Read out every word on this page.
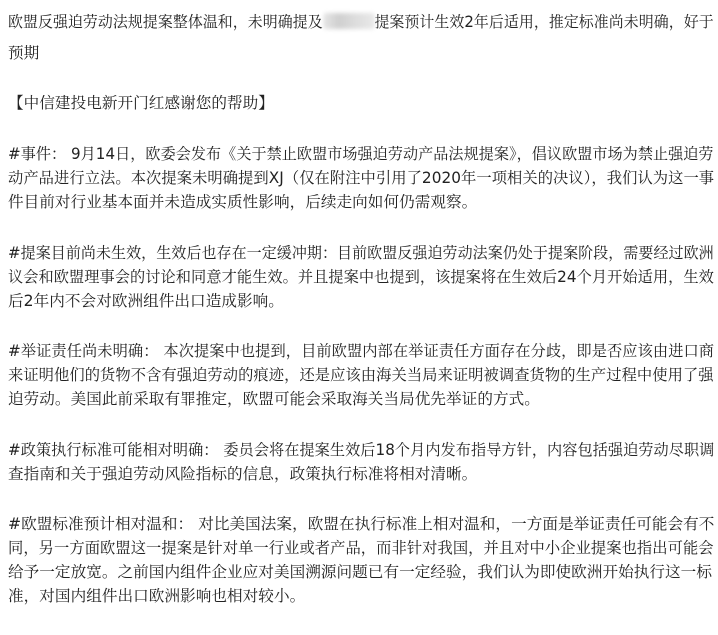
欧盟反强迫劳动法规提案整体温和，未明确提及	提案预计生效2年后适用，推定标准尚未明确，好于
预期
【中信建投电新开门红感谢您的帮助】
#事件： 9月14日，欧委会发布《关于禁止欧盟市场强迫劳动产品法规提案》，倡议欧盟市场为禁止强迫劳
动产品进行立法。本次提案未明确提到XJ（仅在附注中引用了2020年一项相关的决议），我们认为这一事
件目前对行业基本面并未造成实质性影响，后续走向如何仍需观察。
#提案目前尚未生效，生效后也存在一定缓冲期：目前欧盟反强迫劳动法案仍处于提案阶段，需要经过欧洲
议会和欧盟理事会的讨论和同意才能生效。并且提案中也提到，该提案将在生效后24个月开始适用，生效
后2年内不会对欧洲组件出口造成影响。
#举证责任尚未明确： 本次提案中也提到，目前欧盟内部在举证责任方面存在分歧，即是否应该由进口商
来证明他们的货物不含有强迫劳动的痕迹，还是应该由海关当局来证明被调查货物的生产过程中使用了强
迫劳动。美国此前采取有罪推定，欧盟可能会采取海关当局优先举证的方式。
#政策执行标准可能相对明确： 委员会将在提案生效后18个月内发布指导方针，内容包括强迫劳动尽职调
查指南和关于强迫劳动风险指标的信息，政策执行标准将相对清晰。
#欧盟标准预计相对温和： 对比美国法案，欧盟在执行标准上相对温和，一方面是举证责任可能会有不
同，另一方面欧盟这一提案是针对单一行业或者产品，而非针对我国，并且对中小企业提案也指出可能会
给予一定放宽。之前国内组件企业应对美国溯源问题已有一定经验，我们认为即使欧洲开始执行这一标
准，对国内组件出口欧洲影响也相对较小。
